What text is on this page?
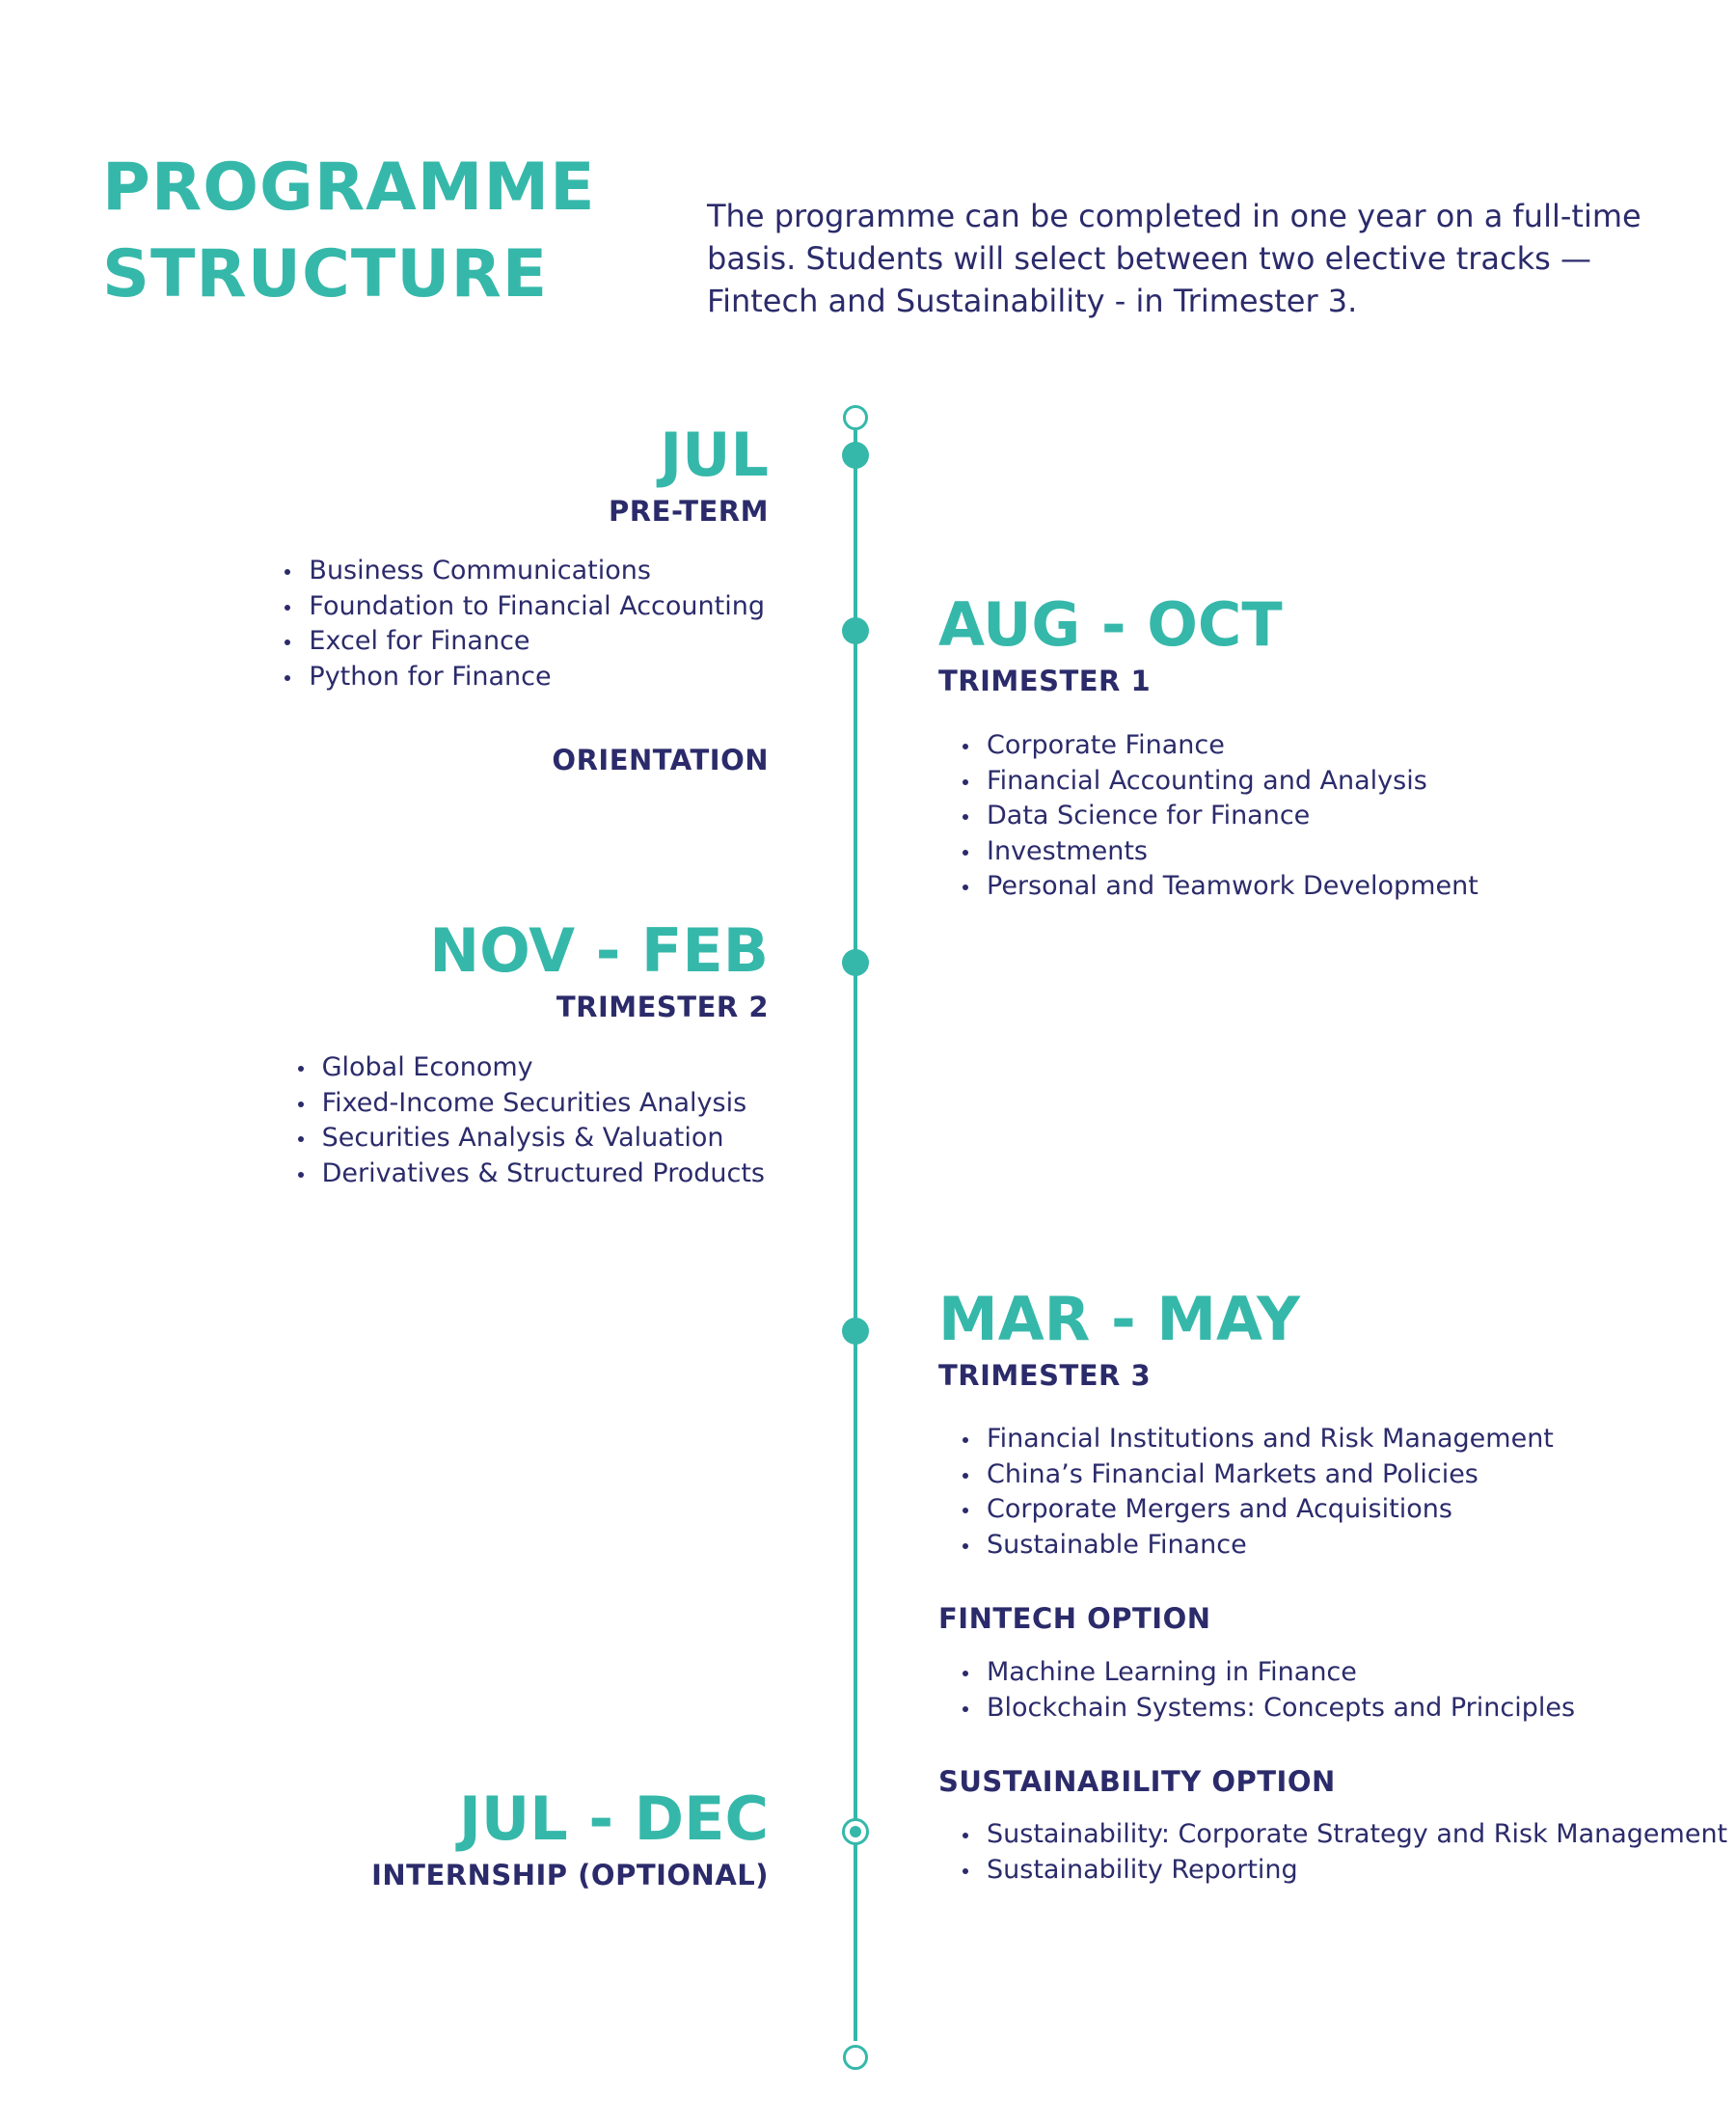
PROGRAMME
STRUCTURE

The programme can be completed in one year on a full-time basis. Students will select between two elective tracks — Fintech and Sustainability - in Trimester 3.

JUL

PRE-TERM

Business Communications
Foundation to Financial Accounting
Excel for Finance
Python for Finance

ORIENTATION

AUG - OCT

TRIMESTER 1

Corporate Finance
Financial Accounting and Analysis
Data Science for Finance
Investments
Personal and Teamwork Development

NOV - FEB

TRIMESTER 2

Global Economy
Fixed-Income Securities Analysis
Securities Analysis & Valuation
Derivatives & Structured Products

MAR - MAY

TRIMESTER 3

Financial Institutions and Risk Management
China’s Financial Markets and Policies
Corporate Mergers and Acquisitions
Sustainable Finance

FINTECH OPTION

Machine Learning in Finance
Blockchain Systems: Concepts and Principles

SUSTAINABILITY OPTION

Sustainability: Corporate Strategy and Risk Management
Sustainability Reporting

JUL - DEC

INTERNSHIP (OPTIONAL)
